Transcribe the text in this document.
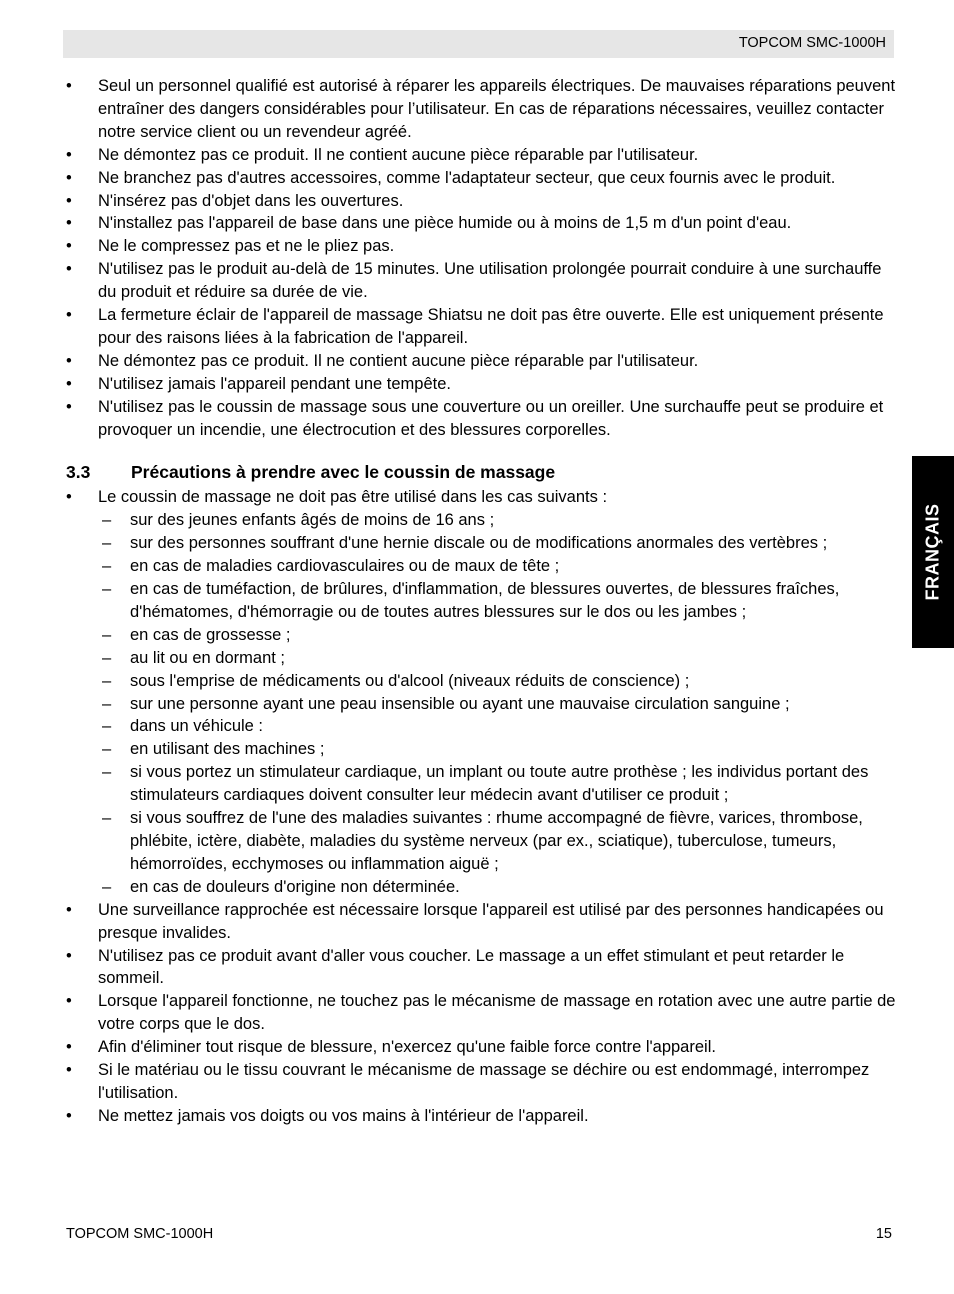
TOPCOM SMC-1000H
• Seul un personnel qualifié est autorisé à réparer les appareils électriques. De mauvaises réparations peuvent entraîner des dangers considérables pour l’utilisateur. En cas de réparations nécessaires, veuillez contacter notre service client ou un revendeur agréé.
• Ne démontez pas ce produit. Il ne contient aucune pièce réparable par l'utilisateur.
• Ne branchez pas d'autres accessoires, comme l'adaptateur secteur, que ceux fournis avec le produit.
• N'insérez pas d'objet dans les ouvertures.
• N'installez pas l'appareil de base dans une pièce humide ou à moins de 1,5 m d'un point d'eau.
• Ne le compressez pas et ne le pliez pas.
• N'utilisez pas le produit au-delà de 15 minutes. Une utilisation prolongée pourrait conduire à une surchauffe du produit et réduire sa durée de vie.
• La fermeture éclair de l'appareil de massage Shiatsu ne doit pas être ouverte. Elle est uniquement présente pour des raisons liées à la fabrication de l'appareil.
• Ne démontez pas ce produit. Il ne contient aucune pièce réparable par l'utilisateur.
• N'utilisez jamais l'appareil pendant une tempête.
• N'utilisez pas le coussin de massage sous une couverture ou un oreiller. Une surchauffe peut se produire et provoquer un incendie, une électrocution et des blessures corporelles.
3.3	Précautions à prendre avec le coussin de massage
• Le coussin de massage ne doit pas être utilisé dans les cas suivants :
– sur des jeunes enfants âgés de moins de 16 ans ;
– sur des personnes souffrant d'une hernie discale ou de modifications anormales des vertèbres ;
– en cas de maladies cardiovasculaires ou de maux de tête ;
– en cas de tuméfaction, de brûlures, d'inflammation, de blessures ouvertes, de blessures fraîches, d'hématomes, d'hémorragie ou de toutes autres blessures sur le dos ou les jambes ;
– en cas de grossesse ;
– au lit ou en dormant ;
– sous l'emprise de médicaments ou d'alcool (niveaux réduits de conscience) ;
– sur une personne ayant une peau insensible ou ayant une mauvaise circulation sanguine ;
– dans un véhicule :
– en utilisant des machines ;
– si vous portez un stimulateur cardiaque, un implant ou toute autre prothèse ; les individus portant des stimulateurs cardiaques doivent consulter leur médecin avant d'utiliser ce produit ;
– si vous souffrez de l'une des maladies suivantes : rhume accompagné de fièvre, varices, thrombose, phlébite, ictère, diabète, maladies du système nerveux (par ex., sciatique), tuberculose, tumeurs, hémorroïdes, ecchymoses ou inflammation aiguë ;
– en cas de douleurs d'origine non déterminée.
• Une surveillance rapprochée est nécessaire lorsque l'appareil est utilisé par des personnes handicapées ou presque invalides.
• N'utilisez pas ce produit avant d'aller vous coucher. Le massage a un effet stimulant et peut retarder le sommeil.
• Lorsque l'appareil fonctionne, ne touchez pas le mécanisme de massage en rotation avec une autre partie de votre corps que le dos.
• Afin d'éliminer tout risque de blessure, n'exercez qu'une faible force contre l'appareil.
• Si le matériau ou le tissu couvrant le mécanisme de massage se déchire ou est endommagé, interrompez l'utilisation.
• Ne mettez jamais vos doigts ou vos mains à l'intérieur de l'appareil.
FRANÇAIS
TOPCOM SMC-1000H	15
